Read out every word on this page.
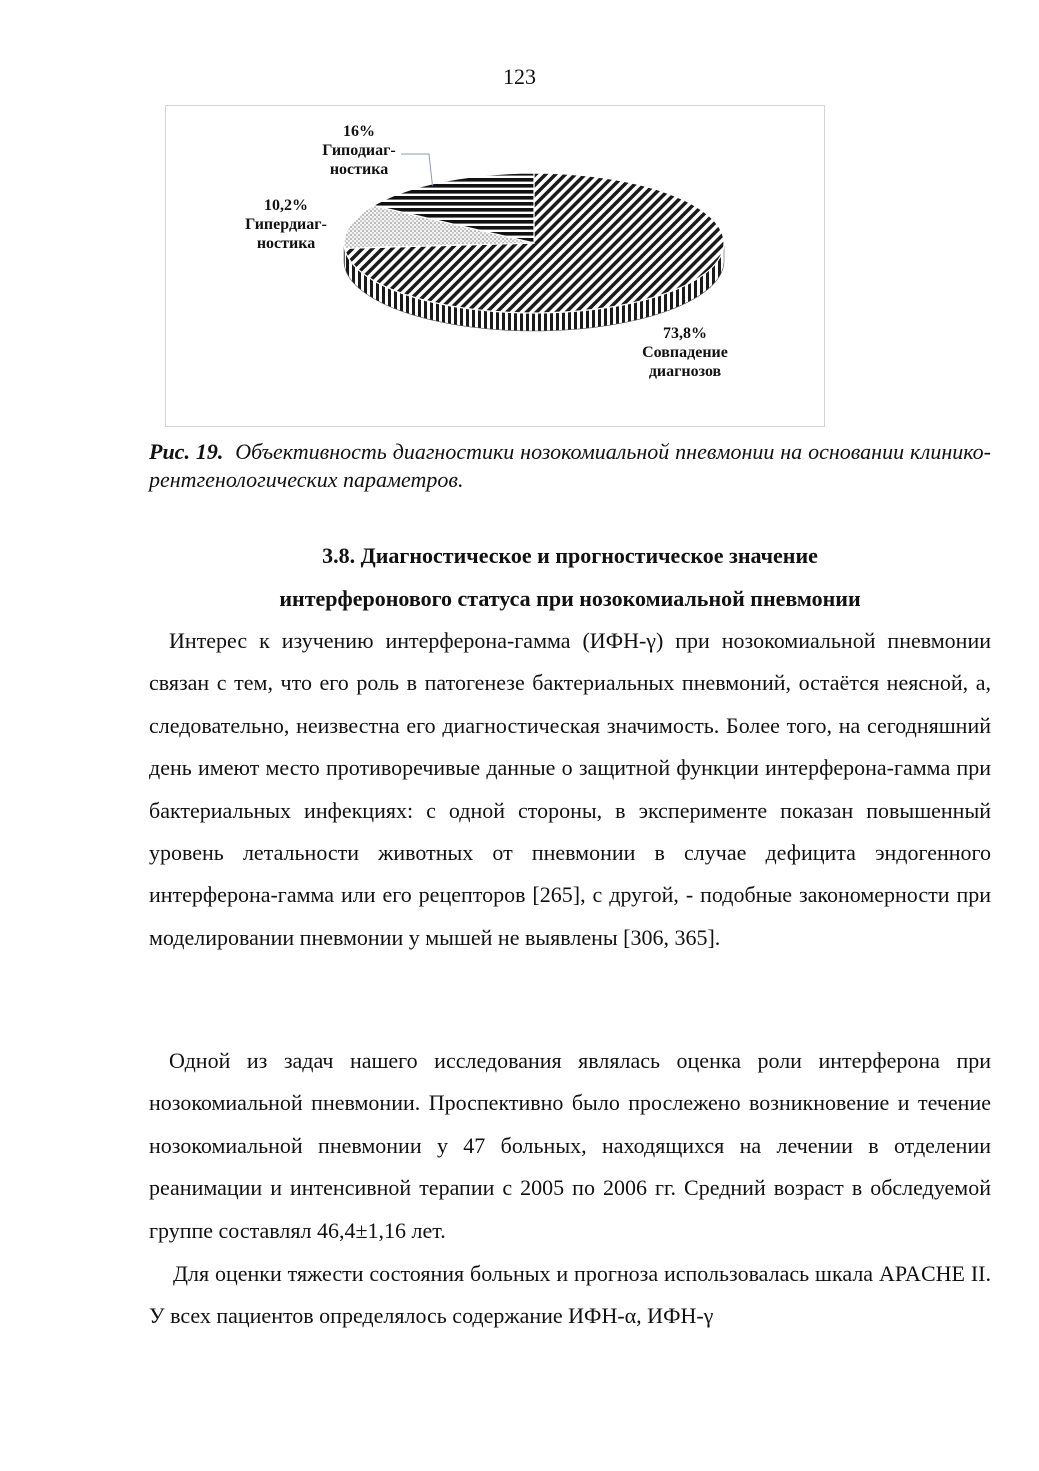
123
73,8% Совпадение диагнозов
10,2% Гипердиаг-ностика
16% Гиподиаг-ностика
Рис. 19. Объективность диагностики нозокомиальной пневмонии на основании клинико-рентгенологических параметров.
3.8. Диагностическое и прогностическое значение
интерферонового статуса при нозокомиальной пневмонии
Интерес к изучению интерферона-гамма (ИФН-γ) при нозокомиальной пневмонии связан с тем, что его роль в патогенезе бактериальных пневмоний, остаётся неясной, а, следовательно, неизвестна его диагностическая значимость. Более того, на сегодняшний день имеют место противоречивые данные о защитной функции интерферона-гамма при бактериальных инфекциях: с одной стороны, в эксперименте показан повышенный уровень летальности животных от пневмонии в случае дефицита эндогенного интерферона-гамма или его рецепторов [265], с другой, - подобные закономерности при моделировании пневмонии у мышей не выявлены [306, 365].
Одной из задач нашего исследования являлась оценка роли интерферона при нозокомиальной пневмонии. Проспективно было прослежено возникновение и течение нозокомиальной пневмонии у 47 больных, находящихся на лечении в отделении реанимации и интенсивной терапии с 2005 по 2006 гг. Средний возраст в обследуемой группе составлял 46,4±1,16 лет.
Для оценки тяжести состояния больных и прогноза использовалась шкала APACHE II. У всех пациентов определялось содержание ИФН-α, ИФН-γ
